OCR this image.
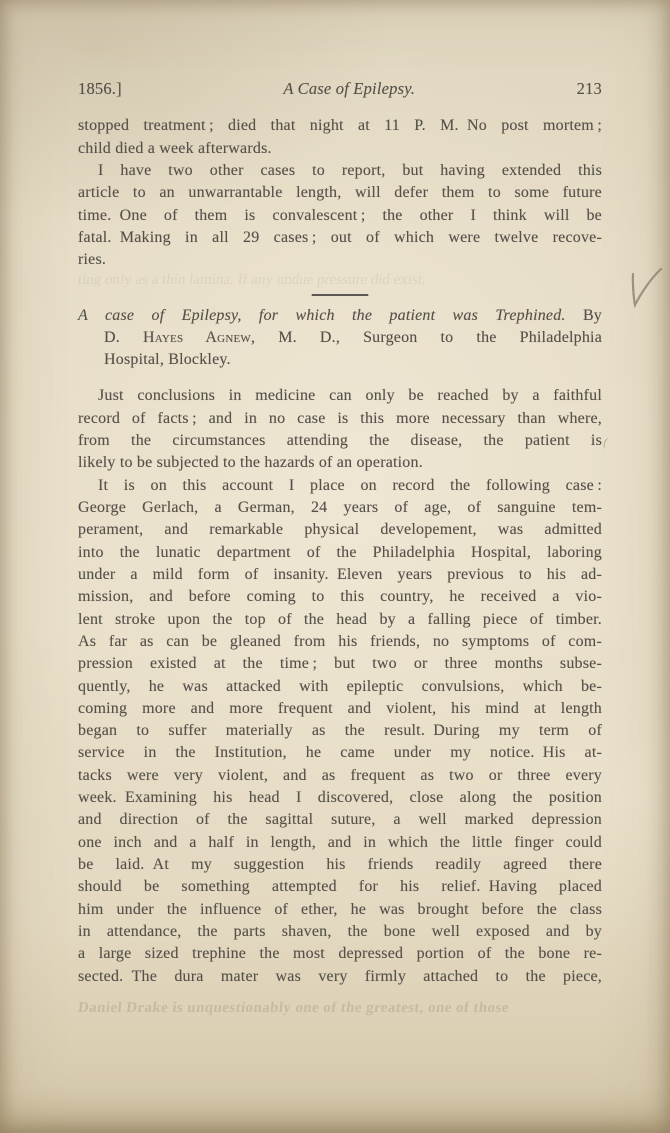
1856.]	A Case of Epilepsy.	213
stopped treatment ; died that night at 11 P. M. No post mortem ;
child died a week afterwards.
I have two other cases to report, but having extended this
article to an unwarrantable length, will defer them to some future
time. One of them is convalescent ; the other I think will be
fatal. Making in all 29 cases ; out of which were twelve recove-
ries.
A case of Epilepsy, for which the patient was Trephined. By
D. Hayes Agnew, M. D., Surgeon to the Philadelphia
Hospital, Blockley.
Just conclusions in medicine can only be reached by a faithful
record of facts ; and in no case is this more necessary than where,
from the circumstances attending the disease, the patient is
likely to be subjected to the hazards of an operation.
It is on this account I place on record the following case :
George Gerlach, a German, 24 years of age, of sanguine tem-
perament, and remarkable physical developement, was admitted
into the lunatic department of the Philadelphia Hospital, laboring
under a mild form of insanity. Eleven years previous to his ad-
mission, and before coming to this country, he received a vio-
lent stroke upon the top of the head by a falling piece of timber.
As far as can be gleaned from his friends, no symptoms of com-
pression existed at the time ; but two or three months subse-
quently, he was attacked with epileptic convulsions, which be-
coming more and more frequent and violent, his mind at length
began to suffer materially as the result. During my term of
service in the Institution, he came under my notice. His at-
tacks were very violent, and as frequent as two or three every
week. Examining his head I discovered, close along the position
and direction of the sagittal suture, a well marked depression
one inch and a half in length, and in which the little finger could
be laid. At my suggestion his friends readily agreed there
should be something attempted for his relief. Having placed
him under the influence of ether, he was brought before the class
in attendance, the parts shaven, the bone well exposed and by
a large sized trephine the most depressed portion of the bone re-
sected. The dura mater was very firmly attached to the piece,
ting only as a thin lamina. If any undue pressure did exist,
Daniel Drake is unquestionably one of the greatest, one of those
